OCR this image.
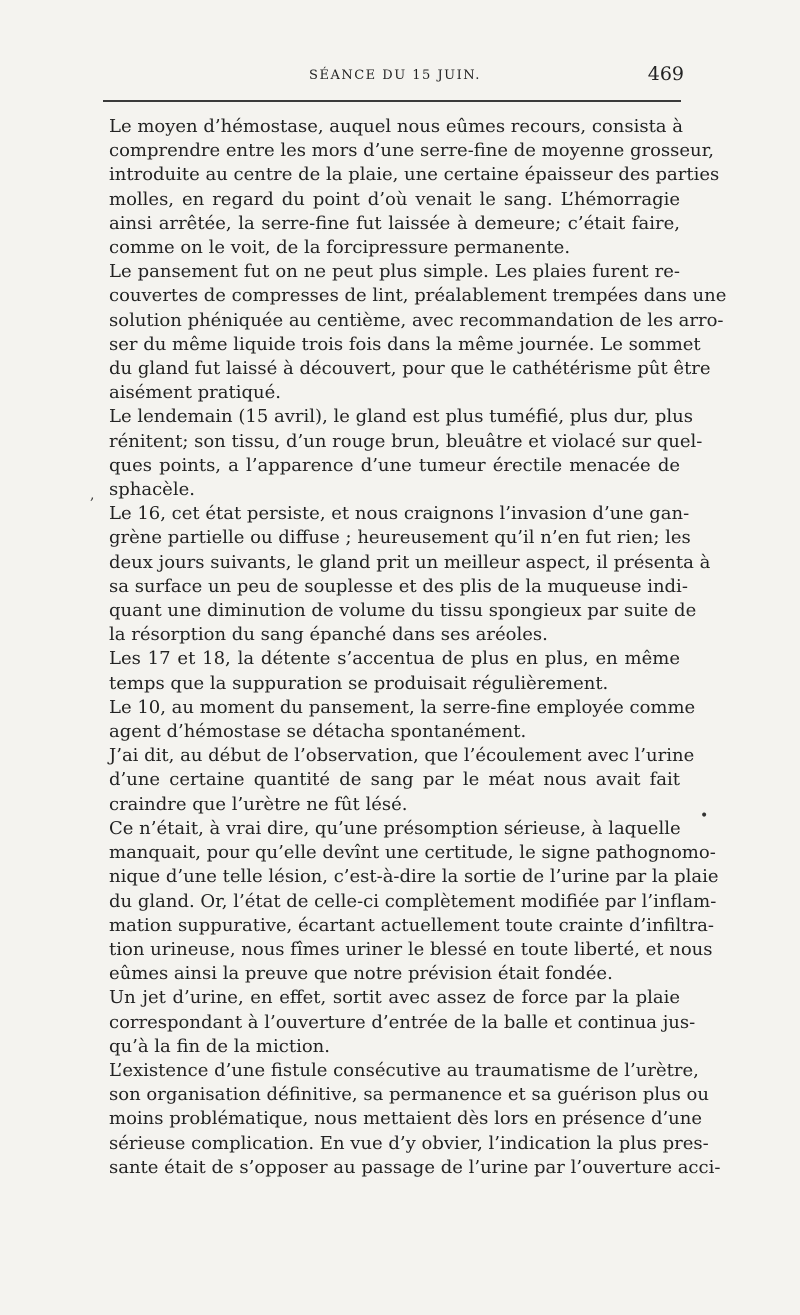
SÉANCE DU 15 JUIN.	469
Le moyen d’hémostase, auquel nous eûmes recours, consista à
comprendre entre les mors d’une serre-fine de moyenne grosseur,
introduite au centre de la plaie, une certaine épaisseur des parties
molles, en regard du point d’où venait le sang. L’hémorragie
ainsi arrêtée, la serre-fine fut laissée à demeure; c’était faire,
comme on le voit, de la forcipressure permanente.
Le pansement fut on ne peut plus simple. Les plaies furent re-
couvertes de compresses de lint, préalablement trempées dans une
solution phéniquée au centième, avec recommandation de les arro-
ser du même liquide trois fois dans la même journée. Le sommet
du gland fut laissé à découvert, pour que le cathétérisme pût être
aisément pratiqué.
Le lendemain (15 avril), le gland est plus tuméfié, plus dur, plus
rénitent; son tissu, d’un rouge brun, bleuâtre et violacé sur quel-
ques points, a l’apparence d’une tumeur érectile menacée de
sphacèle.
Le 16, cet état persiste, et nous craignons l’invasion d’une gan-
grène partielle ou diffuse ; heureusement qu’il n’en fut rien; les
deux jours suivants, le gland prit un meilleur aspect, il présenta à
sa surface un peu de souplesse et des plis de la muqueuse indi-
quant une diminution de volume du tissu spongieux par suite de
la résorption du sang épanché dans ses aréoles.
Les 17 et 18, la détente s’accentua de plus en plus, en même
temps que la suppuration se produisait régulièrement.
Le 10, au moment du pansement, la serre-fine employée comme
agent d’hémostase se détacha spontanément.
J’ai dit, au début de l’observation, que l’écoulement avec l’urine
d’une certaine quantité de sang par le méat nous avait fait
craindre que l’urètre ne fût lésé.
Ce n’était, à vrai dire, qu’une présomption sérieuse, à laquelle
manquait, pour qu’elle devînt une certitude, le signe pathognomo-
nique d’une telle lésion, c’est-à-dire la sortie de l’urine par la plaie
du gland. Or, l’état de celle-ci complètement modifiée par l’inflam-
mation suppurative, écartant actuellement toute crainte d’infiltra-
tion urineuse, nous fîmes uriner le blessé en toute liberté, et nous
eûmes ainsi la preuve que notre prévision était fondée.
Un jet d’urine, en effet, sortit avec assez de force par la plaie
correspondant à l’ouverture d’entrée de la balle et continua jus-
qu’à la fin de la miction.
L’existence d’une fistule consécutive au traumatisme de l’urètre,
son organisation définitive, sa permanence et sa guérison plus ou
moins problématique, nous mettaient dès lors en présence d’une
sérieuse complication. En vue d’y obvier, l’indication la plus pres-
sante était de s’opposer au passage de l’urine par l’ouverture acci-
,
•
